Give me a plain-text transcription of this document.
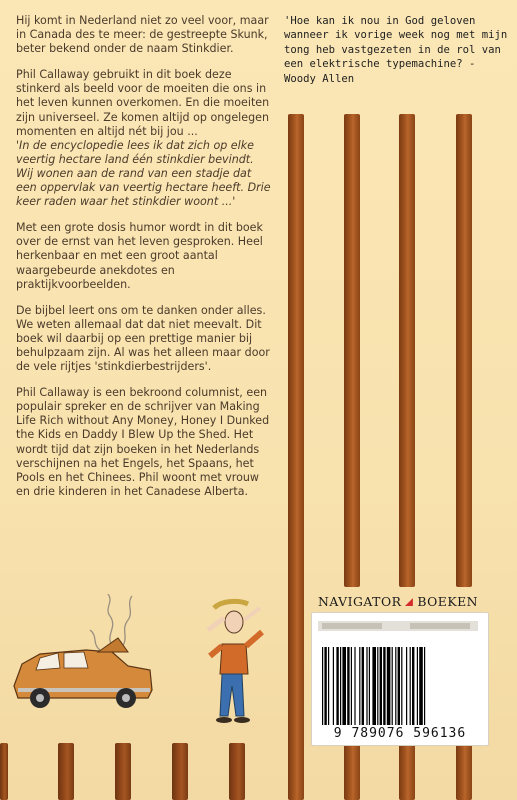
Hij komt in Nederland niet zo veel voor, maar in Canada des te meer: de gestreepte Skunk, beter bekend onder de naam Stinkdier.

Phil Callaway gebruikt in dit boek deze stinkerd als beeld voor de moeiten die ons in het leven kunnen overkomen. En die moeiten zijn universeel. Ze komen altijd op ongelegen momenten en altijd nét bij jou ...
'In de encyclopedie lees ik dat zich op elke veertig hectare land één stinkdier bevindt. Wij wonen aan de rand van een stadje dat een oppervlak van veertig hectare heeft. Drie keer raden waar het stinkdier woont ...'

Met een grote dosis humor wordt in dit boek over de ernst van het leven gesproken. Heel herkenbaar en met een groot aantal waargebeurde anekdotes en praktijkvoorbeelden.

De bijbel leert ons om te danken onder alles. We weten allemaal dat dat niet meevalt. Dit boek wil daarbij op een prettige manier bij behulpzaam zijn. Al was het alleen maar door de vele rijtjes 'stinkdierbestrijders'.

Phil Callaway is een bekroond columnist, een populair spreker en de schrijver van Making Life Rich without Any Money, Honey I Dunked the Kids en Daddy I Blew Up the Shed. Het wordt tijd dat zijn boeken in het Nederlands verschijnen na het Engels, het Spaans, het Pools en het Chinees. Phil woont met vrouw en drie kinderen in het Canadese Alberta.

'Hoe kan ik nou in God geloven wanneer ik vorige week nog met mijn tong heb vastgezeten in de rol van een elektrische typemachine? - Woody Allen
NAVIGATOR BOEKEN
9 789076 596136
